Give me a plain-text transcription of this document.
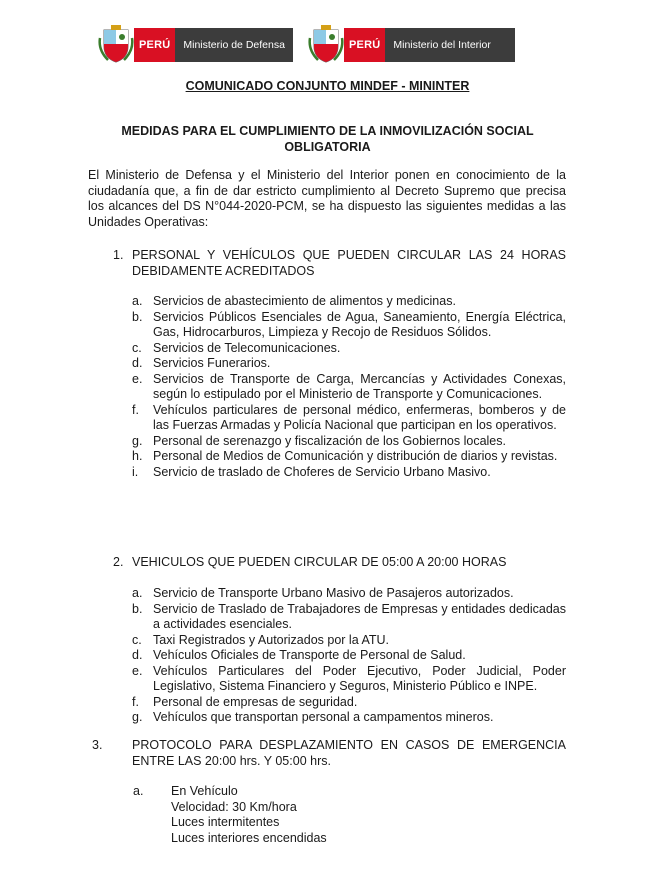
PERÚ	Ministerio de Defensa	PERÚ	Ministerio del Interior
COMUNICADO CONJUNTO MINDEF - MININTER
MEDIDAS PARA EL CUMPLIMIENTO DE LA INMOVILIZACIÓN SOCIAL OBLIGATORIA
El Ministerio de Defensa y el Ministerio del Interior ponen en conocimiento de la ciudadanía que, a fin de dar estricto cumplimiento al Decreto Supremo que precisa los alcances del DS N°044-2020-PCM, se ha dispuesto las siguientes medidas a las Unidades Operativas:
1. PERSONAL Y VEHÍCULOS QUE PUEDEN CIRCULAR LAS 24 HORAS DEBIDAMENTE ACREDITADOS
a. Servicios de abastecimiento de alimentos y medicinas.
b. Servicios Públicos Esenciales de Agua, Saneamiento, Energía Eléctrica, Gas, Hidrocarburos, Limpieza y Recojo de Residuos Sólidos.
c. Servicios de Telecomunicaciones.
d. Servicios Funerarios.
e. Servicios de Transporte de Carga, Mercancías y Actividades Conexas, según lo estipulado por el Ministerio de Transporte y Comunicaciones.
f.	Vehículos particulares de personal médico, enfermeras, bomberos y de las Fuerzas Armadas y Policía Nacional que participan en los operativos.
g. Personal de serenazgo y fiscalización de los Gobiernos locales.
h. Personal de Medios de Comunicación y distribución de diarios y revistas.
i.	Servicio de traslado de Choferes de Servicio Urbano Masivo.
2. VEHICULOS QUE PUEDEN CIRCULAR DE 05:00 A 20:00 HORAS
a. Servicio de Transporte Urbano Masivo de Pasajeros autorizados.
b. Servicio de Traslado de Trabajadores de Empresas y entidades dedicadas a actividades esenciales.
c. Taxi Registrados y Autorizados por la ATU.
d. Vehículos Oficiales de Transporte de Personal de Salud.
e. Vehículos Particulares del Poder Ejecutivo, Poder Judicial, Poder Legislativo, Sistema Financiero y Seguros, Ministerio Público e INPE.
f.	Personal de empresas de seguridad.
g. Vehículos que transportan personal a campamentos mineros.
3. PROTOCOLO PARA DESPLAZAMIENTO EN CASOS DE EMERGENCIA ENTRE LAS 20:00 hrs. Y 05:00 hrs.
a. En Vehículo
Velocidad: 30 Km/hora
Luces intermitentes
Luces interiores encendidas
